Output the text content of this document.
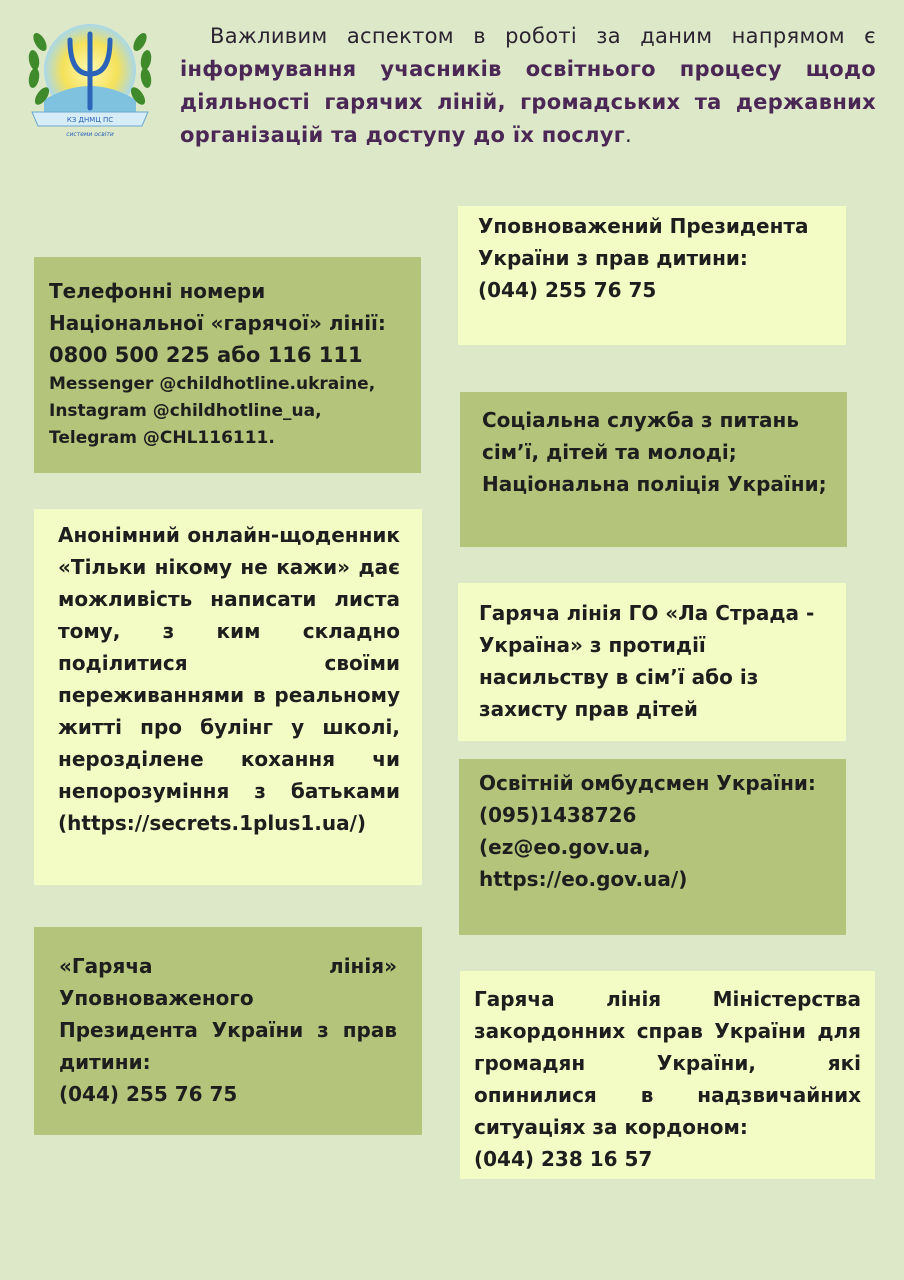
КЗ ДНМЦ ПС
системи освіти
Важливим аспектом в роботі за даним напрямом є інформування учасників освітнього процесу щодо діяльності гарячих ліній, громадських та державних організацій та доступу до їх послуг.
Телефонні номери
Національної «гарячої» лінії:
0800 500 225 або 116 111
Messenger @childhotline.ukraine,
Instagram @childhotline_ua,
Telegram @CHL116111.
Анонімний онлайн-щоденник «Тільки нікому не кажи» дає можливість написати листа тому, з ким складно поділитися своїми переживаннями в реальному житті про булінг у школі, нерозділене кохання чи непорозуміння з батьками (https://secrets.1plus1.ua/)
«Гаряча лінія» Уповноваженого Президента України з прав дитини:
(044) 255 76 75
Уповноважений Президента України з прав дитини:
(044) 255 76 75
Соціальна служба з питань сім’ї, дітей та молоді;
Національна поліція України;
Гаряча лінія ГО «Ла Страда - Україна» з протидії насильству в сім’ї або із захисту прав дітей
Освітній омбудсмен України:
(095)1438726
(ez@eo.gov.ua,
https://eo.gov.ua/)
Гаряча лінія Міністерства закордонних справ України для громадян України, які опинилися в надзвичайних ситуаціях за кордоном:
(044) 238 16 57
